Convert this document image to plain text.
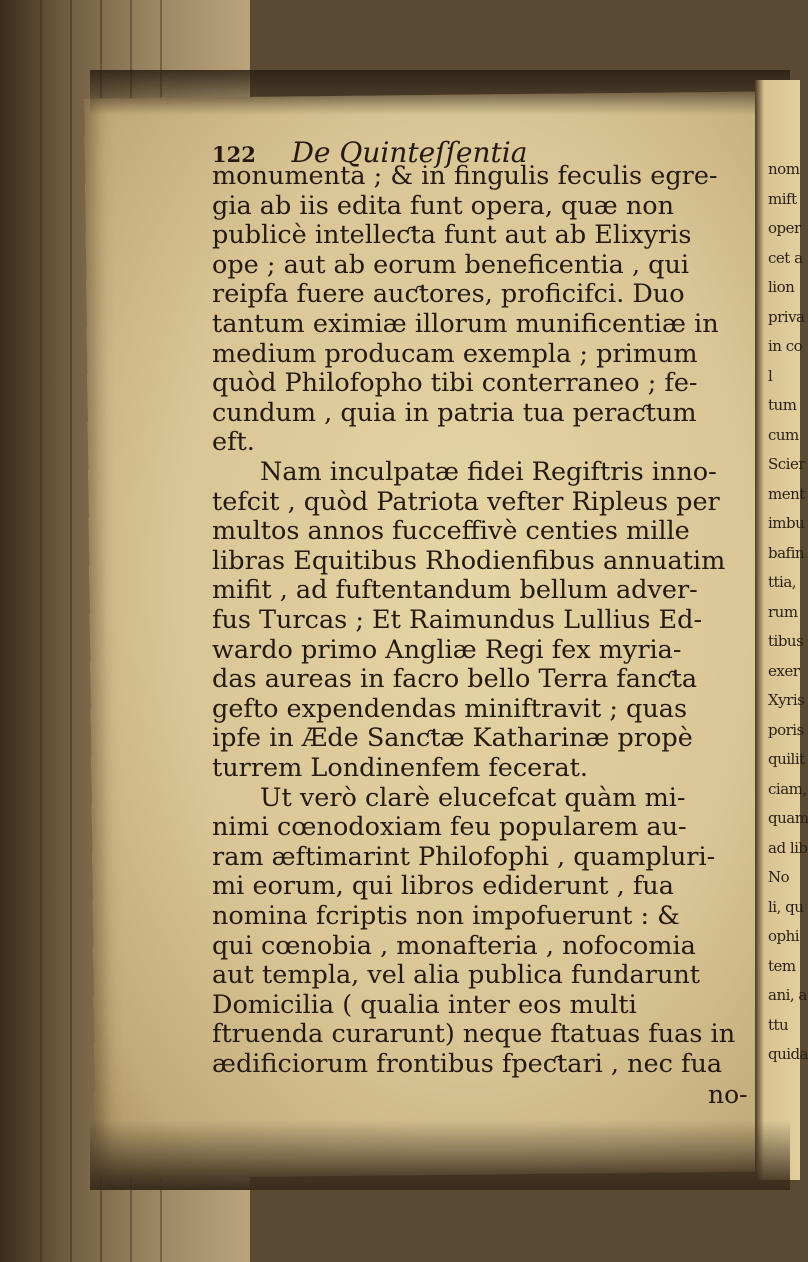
122 De Quinteſſentia
monumenta ; & in fingulis feculis egre-
gia ab iis edita funt opera, quæ non
publicè intelleƈta funt aut ab Elixyris
ope ; aut ab eorum beneficentia , qui
reipfa fuere auƈtores, proficifci. Duo
tantum eximiæ illorum munificentiæ in
medium producam exempla ; primum
quòd Philofopho tibi conterraneo ; fe-
cundum , quia in patria tua peraƈtum
eft.
Nam inculpatæ fidei Regiftris inno-
tefcit , quòd Patriota vefter Ripleus per
multos annos fucceffivè centies mille
libras Equitibus Rhodienfibus annuatim
mifit , ad fuftentandum bellum adver-
fus Turcas ; Et Raimundus Lullius Ed-
wardo primo Angliæ Regi fex myria-
das aureas in facro bello Terra fanƈta
gefto expendendas miniftravit ; quas
ipfe in Æde Sanƈtæ Katharinæ propè
turrem Londinenfem fecerat.
Ut verò clarè elucefcat quàm mi-
nimi cœnodoxiam feu popularem au-
ram æftimarint Philofophi , quampluri-
mi eorum, qui libros ediderunt , fua
nomina fcriptis non impofuerunt : &
qui cœnobia , monafteria , nofocomia
aut templa, vel alia publica fundarunt
Domicilia ( qualia inter eos multi
ftruenda curarunt) neque ftatuas fuas in
ædificiorum frontibus fpeƈtari , nec fua
no-
nom
mift
oper
cet a
lion
priva
in co
l
tum
cum
Scier
ment
imbu
bafin
ttia,
rum
tibus
exer
Xyris
poris
quilit
ciam,
quam
ad lib
No
li, qu
ophi
tem
ani, a
ttu
quida
